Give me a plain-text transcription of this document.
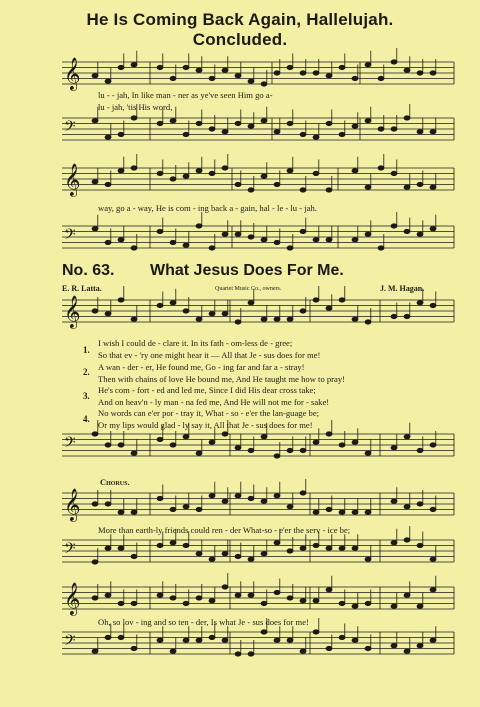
He Is Coming Back Again, Hallelujah.
Concluded.
𝄞
𝄢
𝄞
𝄢
𝄞
𝄢
𝄞
𝄢
𝄞
𝄢
lu - - jah, In like man - ner as ye've seen Him go a-
lu - jah, 'tis His word,
way, go a - way, He is com - ing back a - gain, hal - le - lu - jah.
No. 63. What Jesus Does For Me.
E. R. Latta.	Quartet Music Co., owners.	J. M. Hagan.
1.
I wish I could de - clare it. In its fath - om-less de - gree;
So that ev - 'ry one might hear it — All that Je - sus does for me!
2. A wan - der - er, He found me, Go - ing far and far a - stray!
Then with chains of love He bound me, And He taught me how to pray!
3.
He's com - fort - ed and led me, Since I did His dear cross take;
And on heav'n - ly man - na fed me, And He will not me for - sake!
4.
No words can e'er por - tray it, What - so - e'er the lan-guage be;
Or my lips would glad - ly say it, All that Je - sus does for me!
Chorus.
More than earth-ly friends could ren - der What-so - e'er the serv - ice be;
Oh, so lov - ing and so ten - der, Is what Je - sus does for me!
